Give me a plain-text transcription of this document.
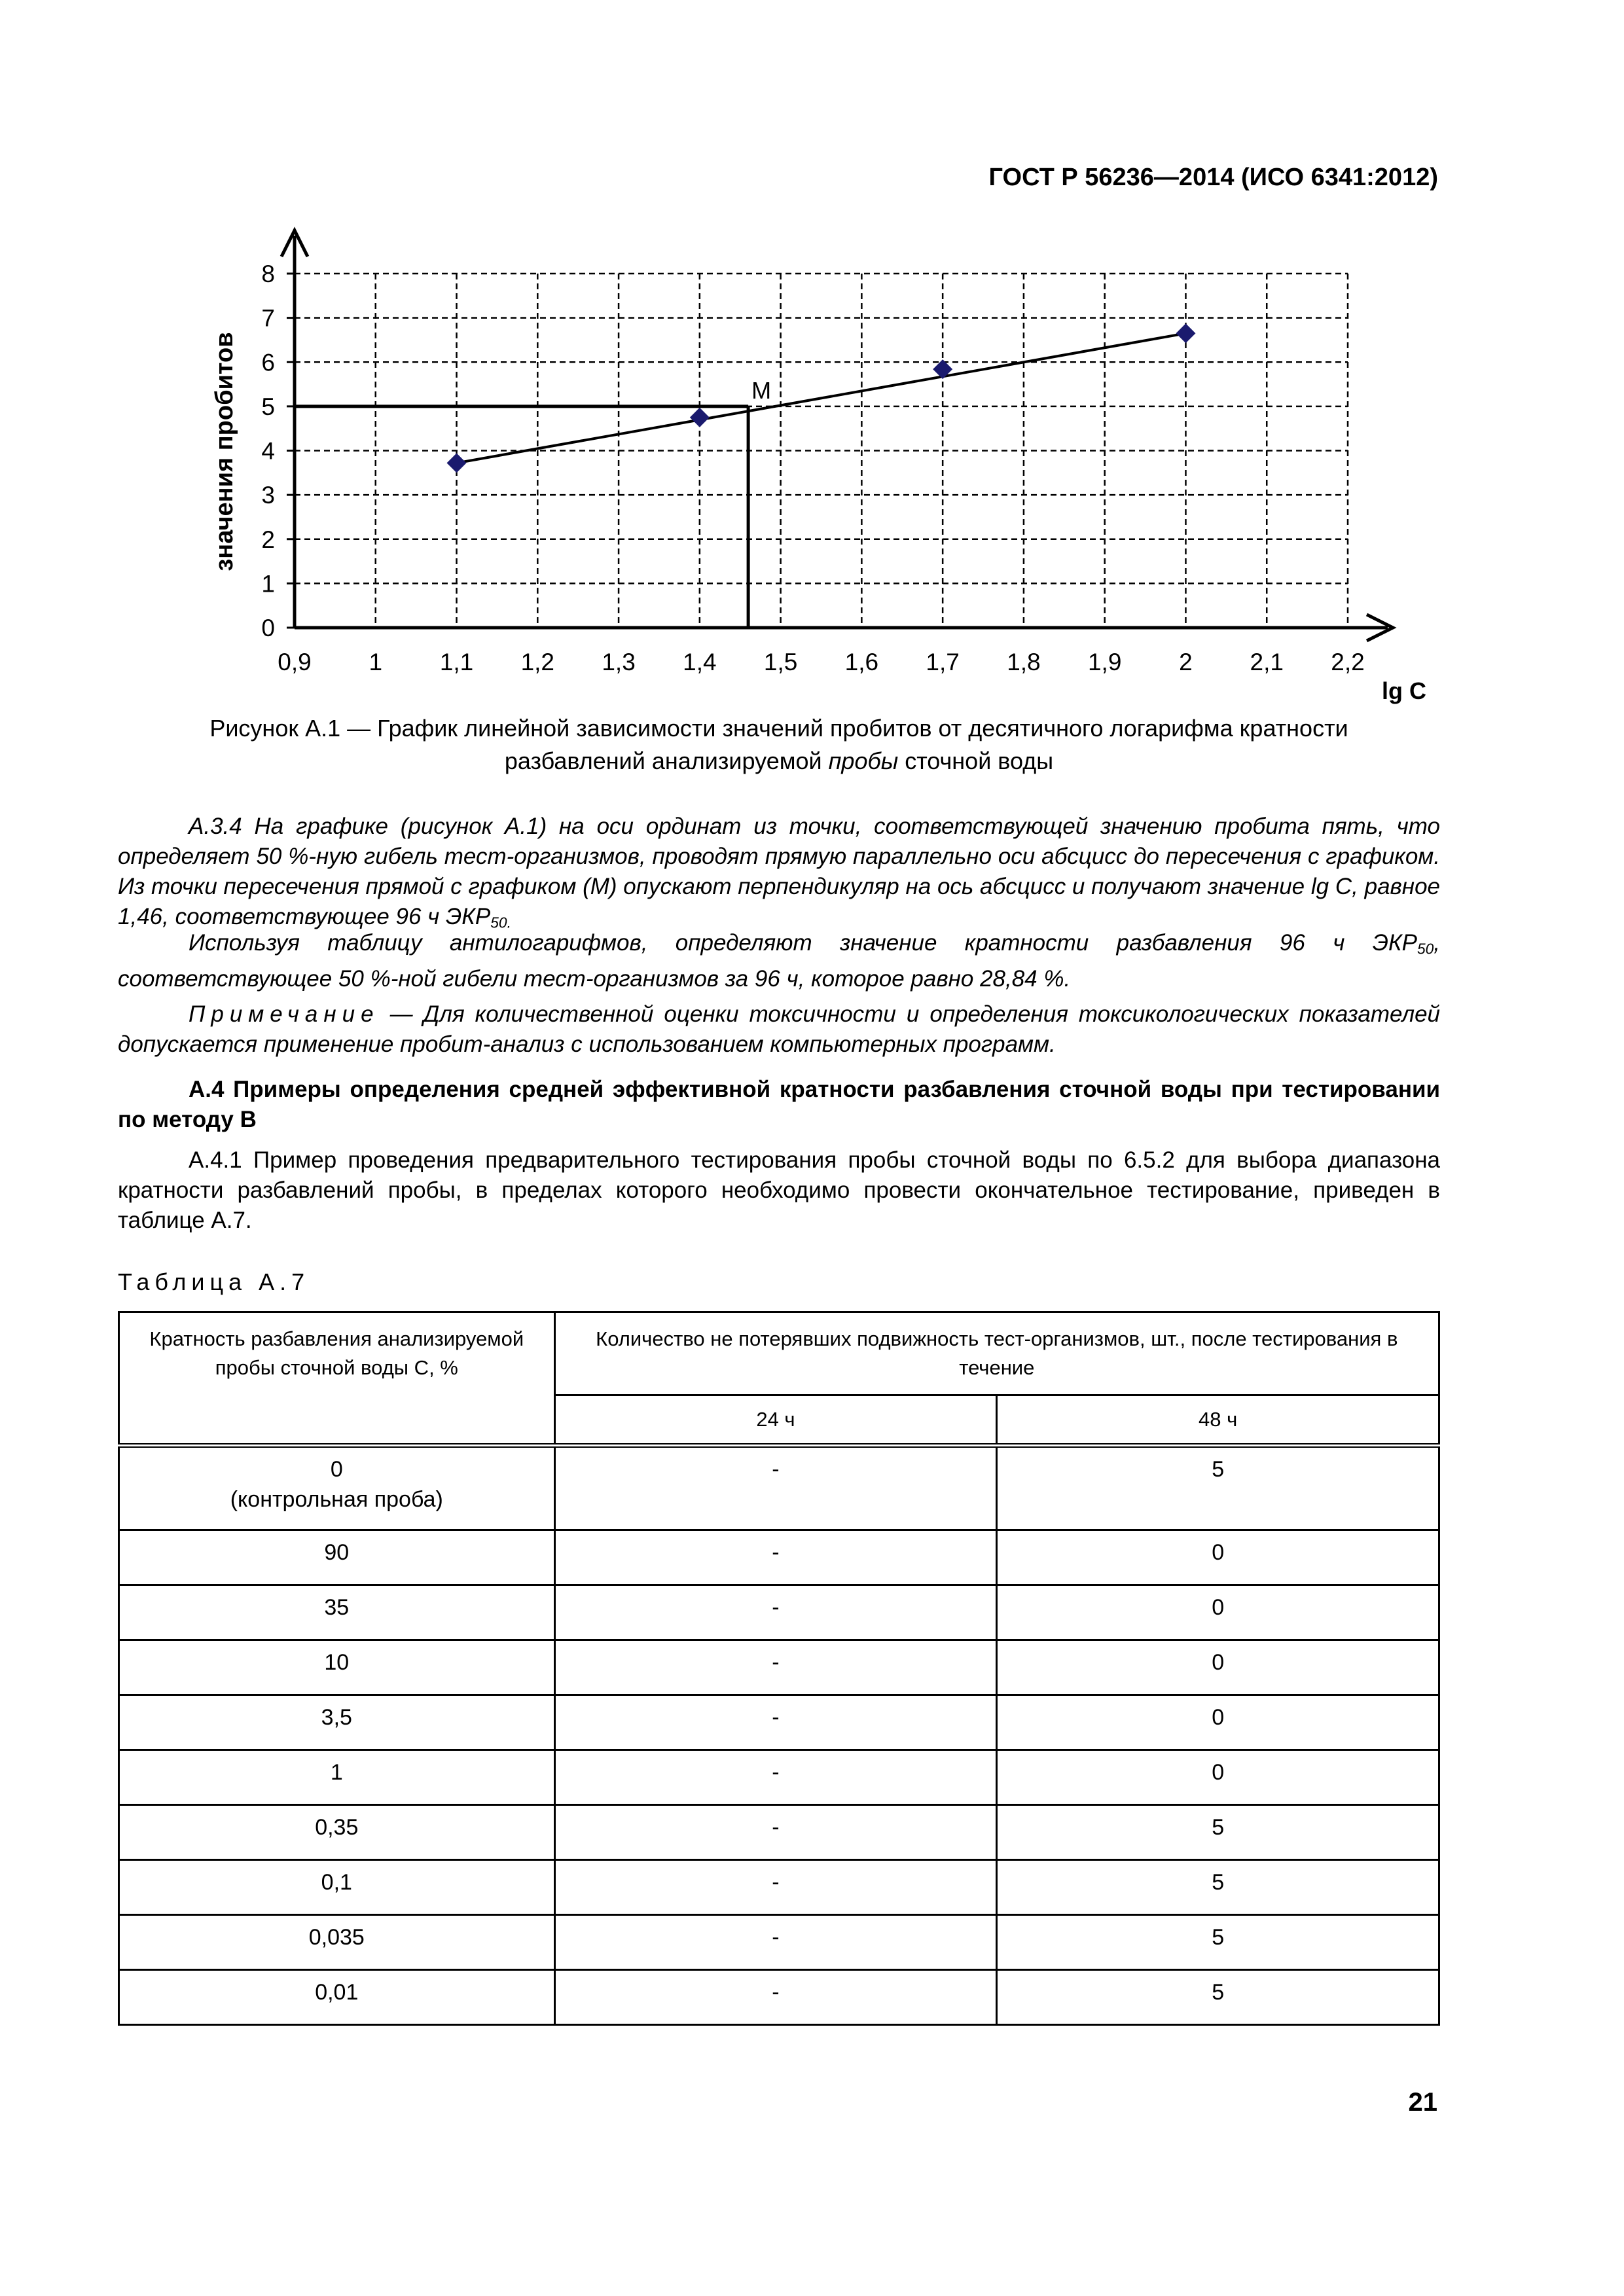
ГОСТ Р 56236—2014 (ИСО 6341:2012)
0
1
2
3
4
5
6
7
8
0,9 1 1,1 1,2 1,3 1,4 1,5 1,6 1,7 1,8 1,9 2 2,1 2,2
lg C
значения пробитов	M
Рисунок А.1 — График линейной зависимости значений пробитов от десятичного логарифма кратности
разбавлений анализируемой пробы сточной воды
А.3.4 На графике (рисунок А.1) на оси ординат из точки, соответствующей значению пробита пять, что определяет 50 %-ную гибель тест-организмов, проводят прямую параллельно оси абсцисс до пересечения с графиком. Из точки пересечения прямой с графиком (М) опускают перпендикуляр на ось абсцисс и получают значение lg С, равное 1,46, соответствующее 96 ч $ЭКР_{50.}$
Используя таблицу антилогарифмов, определяют значение кратности разбавления 96 ч $ЭКР_{50}$, соответствующее 50 %-ной гибели тест-организмов за 96 ч, которое равно 28,84 %.
Примечание — Для количественной оценки токсичности и определения токсикологических показателей допускается применение пробит-анализ с использованием компьютерных программ.
А.4 Примеры определения средней эффективной кратности разбавления сточной воды при тестировании по методу В
А.4.1 Пример проведения предварительного тестирования пробы сточной воды по 6.5.2 для выбора диапазона кратности разбавлений пробы, в пределах которого необходимо провести окончательное тестирование, приведен в таблице А.7.
Таблица А.7
Кратность разбавления анализируемой пробы сточной воды С, %	Количество не потерявших подвижность тест-организмов, шт., после тестирования в течение	
	24 ч	48 ч

0
(контрольная проба)	-	5

90	-	0

35	-	0

10	-	0

3,5	-	0

1	-	0

0,35	-	5

0,1	-	5

0,035	-	5

0,01	-	5
21
